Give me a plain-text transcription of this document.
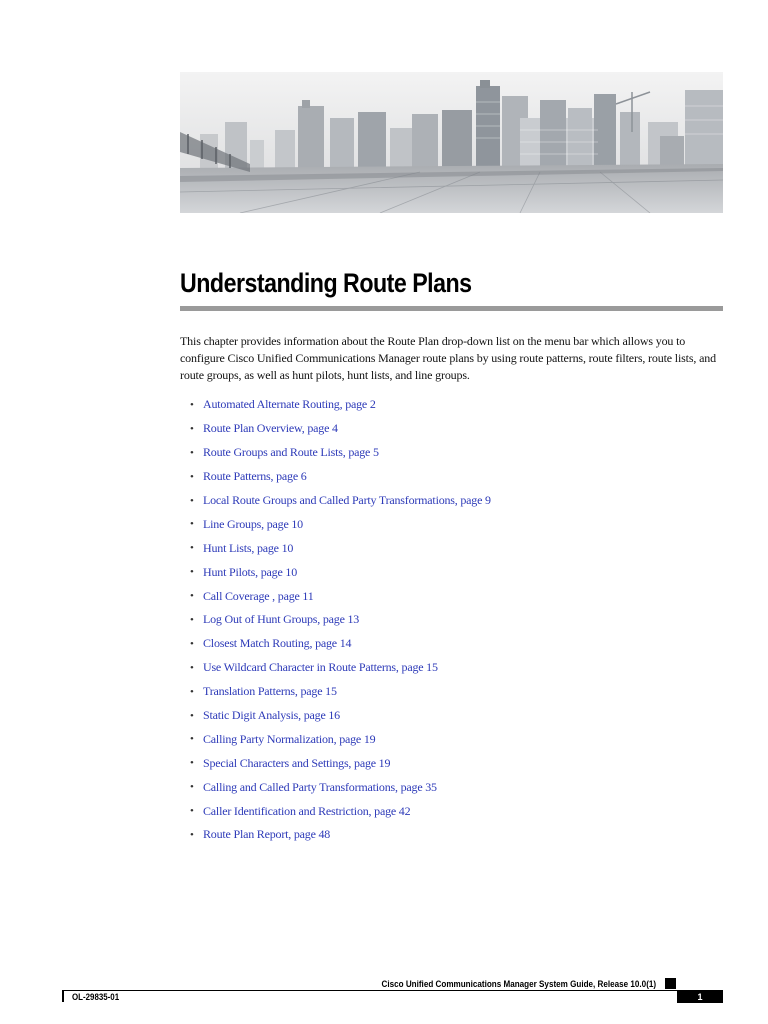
Understanding Route Plans

This chapter provides information about the Route Plan drop-down list on the menu bar which allows you to configure Cisco Unified Communications Manager route plans by using route patterns, route filters, route lists, and route groups, as well as hunt pilots, hunt lists, and line groups.

• Automated Alternate Routing, page 2
• Route Plan Overview, page 4
• Route Groups and Route Lists, page 5
• Route Patterns, page 6
• Local Route Groups and Called Party Transformations, page 9
• Line Groups, page 10
• Hunt Lists, page 10
• Hunt Pilots, page 10
• Call Coverage , page 11
• Log Out of Hunt Groups, page 13
• Closest Match Routing, page 14
• Use Wildcard Character in Route Patterns, page 15
• Translation Patterns, page 15
• Static Digit Analysis, page 16
• Calling Party Normalization, page 19
• Special Characters and Settings, page 19
• Calling and Called Party Transformations, page 35
• Caller Identification and Restriction, page 42
• Route Plan Report, page 48
Cisco Unified Communications Manager System Guide, Release 10.0(1)
OL-29835-01	1
